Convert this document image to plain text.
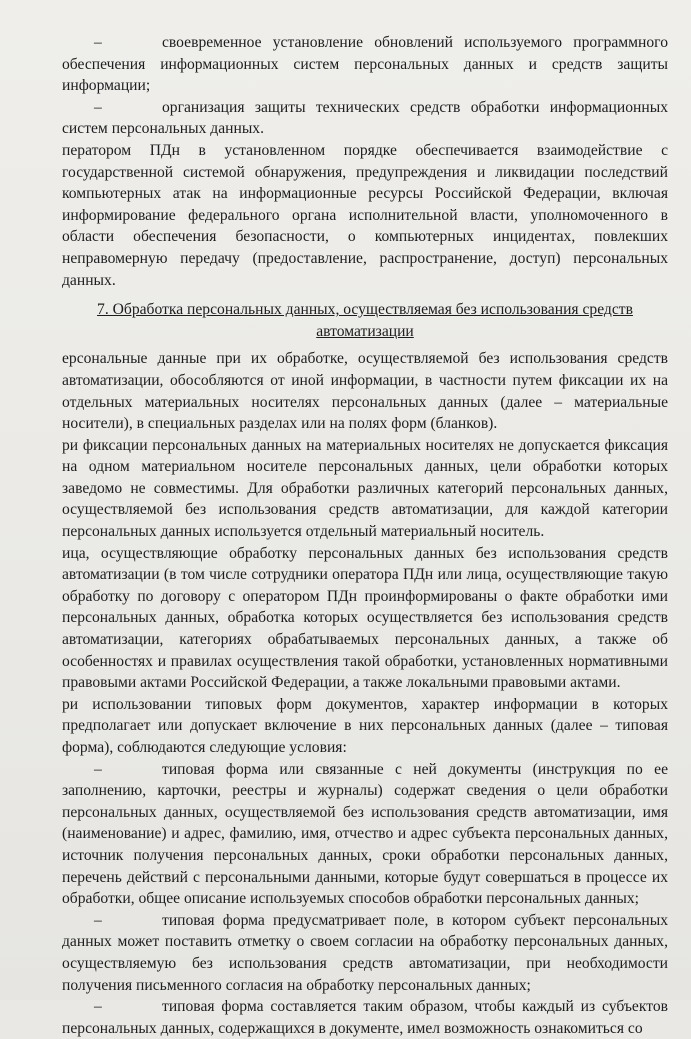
–	своевременное установление обновлений используемого программного обеспечения информационных систем персональных данных и средств защиты информации;

–	организация защиты технических средств обработки информационных систем персональных данных.

ператором ПДн в установленном порядке обеспечивается взаимодействие с государственной системой обнаружения, предупреждения и ликвидации последствий компьютерных атак на информационные ресурсы Российской Федерации, включая информирование федерального органа исполнительной власти, уполномоченного в области обеспечения безопасности, о компьютерных инцидентах, повлекших неправомерную передачу (предоставление, распространение, доступ) персональных данных.

7. Обработка персональных данных, осуществляемая без использования средств автоматизации

ерсональные данные при их обработке, осуществляемой без использования средств автоматизации, обособляются от иной информации, в частности путем фиксации их на отдельных материальных носителях персональных данных (далее – материальные носители), в специальных разделах или на полях форм (бланков).

ри фиксации персональных данных на материальных носителях не допускается фиксация на одном материальном носителе персональных данных, цели обработки которых заведомо не совместимы. Для обработки различных категорий персональных данных, осуществляемой без использования средств автоматизации, для каждой категории персональных данных используется отдельный материальный носитель.

ица, осуществляющие обработку персональных данных без использования средств автоматизации (в том числе сотрудники оператора ПДн или лица, осуществляющие такую обработку по договору с оператором ПДн проинформированы о факте обработки ими персональных данных, обработка которых осуществляется без использования средств автоматизации, категориях обрабатываемых персональных данных, а также об особенностях и правилах осуществления такой обработки, установленных нормативными правовыми актами Российской Федерации, а также локальными правовыми актами.

ри использовании типовых форм документов, характер информации в которых предполагает или допускает включение в них персональных данных (далее – типовая форма), соблюдаются следующие условия:

–	типовая форма или связанные с ней документы (инструкция по ее заполнению, карточки, реестры и журналы) содержат сведения о цели обработки персональных данных, осуществляемой без использования средств автоматизации, имя (наименование) и адрес, фамилию, имя, отчество и адрес субъекта персональных данных, источник получения персональных данных, сроки обработки персональных данных, перечень действий с персональными данными, которые будут совершаться в процессе их обработки, общее описание используемых способов обработки персональных данных;

–	типовая форма предусматривает поле, в котором субъект персональных данных может поставить отметку о своем согласии на обработку персональных данных, осуществляемую без использования средств автоматизации, при необходимости получения письменного согласия на обработку персональных данных;

–	типовая форма составляется таким образом, чтобы каждый из субъектов персональных данных, содержащихся в документе, имел возможность ознакомиться со
